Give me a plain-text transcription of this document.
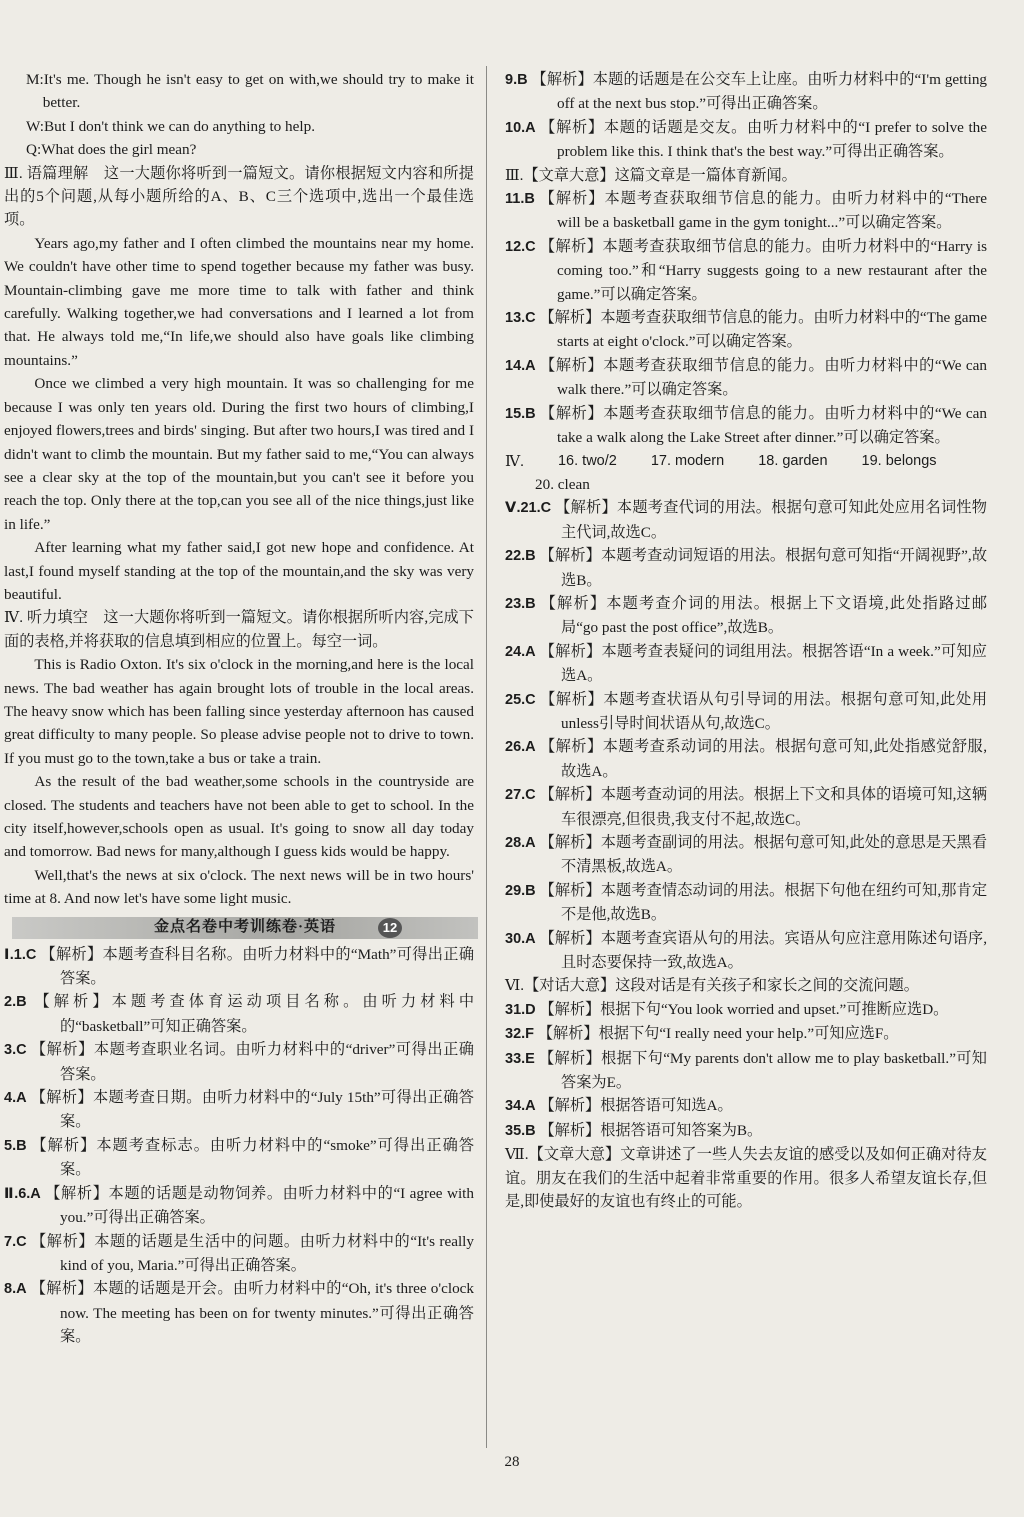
M:It's me. Though he isn't easy to get on with,we should try to make it better.

W:But I don't think we can do anything to help.

Q:What does the girl mean?

Ⅲ. 语篇理解　这一大题你将听到一篇短文。请你根据短文内容和所提出的5个问题,从每小题所给的A、B、C三个选项中,选出一个最佳选项。

Years ago,my father and I often climbed the mountains near my home. We couldn't have other time to spend together because my father was busy. Mountain-climbing gave me more time to talk with father and think carefully. Walking together,we had conversations and I learned a lot from that. He always told me,“In life,we should also have goals like climbing mountains.”

Once we climbed a very high mountain. It was so challenging for me because I was only ten years old. During the first two hours of climbing,I enjoyed flowers,trees and birds' singing. But after two hours,I was tired and I didn't want to climb the mountain. But my father said to me,“You can always see a clear sky at the top of the mountain,but you can't see it before you reach the top. Only there at the top,can you see all of the nice things,just like in life.”

After learning what my father said,I got new hope and confidence. At last,I found myself standing at the top of the mountain,and the sky was very beautiful.

Ⅳ. 听力填空　这一大题你将听到一篇短文。请你根据所听内容,完成下面的表格,并将获取的信息填到相应的位置上。每空一词。

This is Radio Oxton. It's six o'clock in the morning,and here is the local news. The bad weather has again brought lots of trouble in the local areas. The heavy snow which has been falling since yesterday afternoon has caused great difficulty to many people. So please advise people not to drive to town. If you must go to the town,take a bus or take a train.

As the result of the bad weather,some schools in the countryside are closed. The students and teachers have not been able to get to school. In the city itself,however,schools open as usual. It's going to snow all day today and tomorrow. Bad news for many,although I guess kids would be happy.

Well,that's the news at six o'clock. The next news will be in two hours' time at 8. And now let's have some light music.

金点名卷中考训练卷·英语	12

Ⅰ.1.C 【解析】本题考查科目名称。由听力材料中的“Math”可得出正确答案。

2.B 【解析】本题考查体育运动项目名称。由听力材料中的“basketball”可知正确答案。

3.C 【解析】本题考查职业名词。由听力材料中的“driver”可得出正确答案。

4.A 【解析】本题考查日期。由听力材料中的“July 15th”可得出正确答案。

5.B 【解析】本题考查标志。由听力材料中的“smoke”可得出正确答案。

Ⅱ.6.A 【解析】本题的话题是动物饲养。由听力材料中的“I agree with you.”可得出正确答案。

7.C 【解析】本题的话题是生活中的问题。由听力材料中的“It's really kind of you, Maria.”可得出正确答案。

8.A 【解析】本题的话题是开会。由听力材料中的“Oh, it's three o'clock now. The meeting has been on for twenty minutes.”可得出正确答案。

9.B 【解析】本题的话题是在公交车上让座。由听力材料中的“I'm getting off at the next bus stop.”可得出正确答案。

10.A 【解析】本题的话题是交友。由听力材料中的“I prefer to solve the problem like this. I think that's the best way.”可得出正确答案。

Ⅲ.【文章大意】这篇文章是一篇体育新闻。

11.B 【解析】本题考查获取细节信息的能力。由听力材料中的“There will be a basketball game in the gym tonight...”可以确定答案。

12.C 【解析】本题考查获取细节信息的能力。由听力材料中的“Harry is coming too.”和“Harry suggests going to a new restaurant after the game.”可以确定答案。

13.C 【解析】本题考查获取细节信息的能力。由听力材料中的“The game starts at eight o'clock.”可以确定答案。

14.A 【解析】本题考查获取细节信息的能力。由听力材料中的“We can walk there.”可以确定答案。

15.B 【解析】本题考查获取细节信息的能力。由听力材料中的“We can take a walk along the Lake Street after dinner.”可以确定答案。

Ⅳ. 16. two/2 17. modern 18. garden 19. belongs

20. clean

Ⅴ.21.C 【解析】本题考查代词的用法。根据句意可知此处应用名词性物主代词,故选C。

22.B 【解析】本题考查动词短语的用法。根据句意可知指“开阔视野”,故选B。

23.B 【解析】本题考查介词的用法。根据上下文语境,此处指路过邮局“go past the post office”,故选B。

24.A 【解析】本题考查表疑问的词组用法。根据答语“In a week.”可知应选A。

25.C 【解析】本题考查状语从句引导词的用法。根据句意可知,此处用unless引导时间状语从句,故选C。

26.A 【解析】本题考查系动词的用法。根据句意可知,此处指感觉舒服,故选A。

27.C 【解析】本题考查动词的用法。根据上下文和具体的语境可知,这辆车很漂亮,但很贵,我支付不起,故选C。

28.A 【解析】本题考查副词的用法。根据句意可知,此处的意思是天黑看不清黑板,故选A。

29.B 【解析】本题考查情态动词的用法。根据下句他在纽约可知,那肯定不是他,故选B。

30.A 【解析】本题考查宾语从句的用法。宾语从句应注意用陈述句语序,且时态要保持一致,故选A。

Ⅵ.【对话大意】这段对话是有关孩子和家长之间的交流问题。

31.D 【解析】根据下句“You look worried and upset.”可推断应选D。

32.F 【解析】根据下句“I really need your help.”可知应选F。

33.E 【解析】根据下句“My parents don't allow me to play basketball.”可知答案为E。

34.A 【解析】根据答语可知选A。

35.B 【解析】根据答语可知答案为B。

Ⅶ.【文章大意】文章讲述了一些人失去友谊的感受以及如何正确对待友谊。朋友在我们的生活中起着非常重要的作用。很多人希望友谊长存,但是,即使最好的友谊也有终止的可能。

28
